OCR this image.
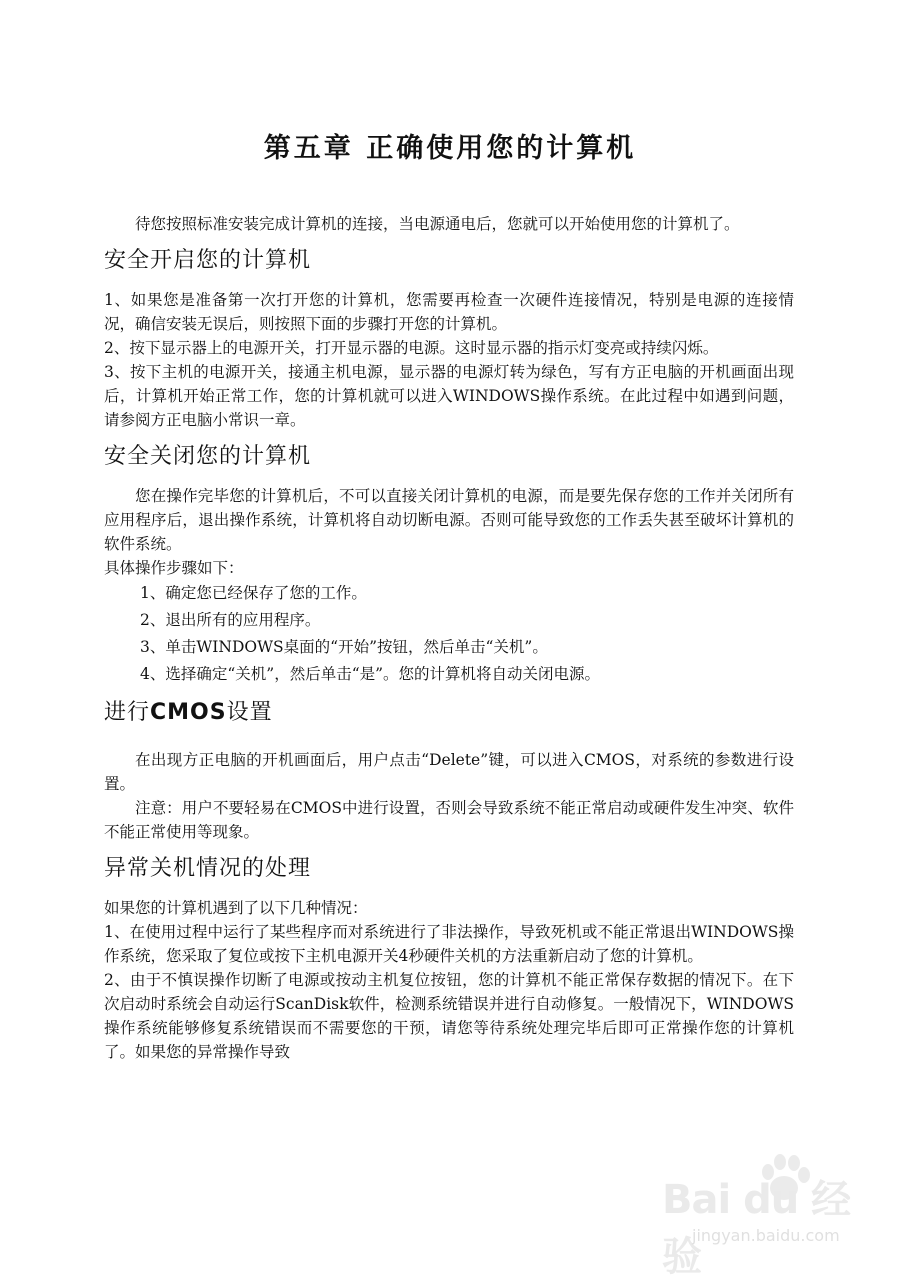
第五章 正确使用您的计算机

待您按照标准安装完成计算机的连接，当电源通电后，您就可以开始使用您的计算机了。

安全开启您的计算机

1、如果您是准备第一次打开您的计算机，您需要再检查一次硬件连接情况，特别是电源的连接情况，确信安装无误后，则按照下面的步骤打开您的计算机。

2、按下显示器上的电源开关，打开显示器的电源。这时显示器的指示灯变亮或持续闪烁。

3、按下主机的电源开关，接通主机电源，显示器的电源灯转为绿色，写有方正电脑的开机画面出现后，计算机开始正常工作，您的计算机就可以进入WINDOWS操作系统。在此过程中如遇到问题，请参阅方正电脑小常识一章。

安全关闭您的计算机

您在操作完毕您的计算机后，不可以直接关闭计算机的电源，而是要先保存您的工作并关闭所有应用程序后，退出操作系统，计算机将自动切断电源。否则可能导致您的工作丢失甚至破坏计算机的软件系统。

具体操作步骤如下：

1、确定您已经保存了您的工作。

2、退出所有的应用程序。

3、单击WINDOWS桌面的“开始”按钮，然后单击“关机”。

4、选择确定“关机”，然后单击“是”。您的计算机将自动关闭电源。

进行CMOS设置

在出现方正电脑的开机画面后，用户点击“Delete”键，可以进入CMOS，对系统的参数进行设置。

注意：用户不要轻易在CMOS中进行设置，否则会导致系统不能正常启动或硬件发生冲突、软件不能正常使用等现象。

异常关机情况的处理

如果您的计算机遇到了以下几种情况：

1、在使用过程中运行了某些程序而对系统进行了非法操作，导致死机或不能正常退出WINDOWS操作系统，您采取了复位或按下主机电源开关4秒硬件关机的方法重新启动了您的计算机。

2、由于不慎误操作切断了电源或按动主机复位按钮，您的计算机不能正常保存数据的情况下。在下次启动时系统会自动运行ScanDisk软件，检测系统错误并进行自动修复。一般情况下，WINDOWS操作系统能够修复系统错误而不需要您的干预，请您等待系统处理完毕后即可正常操作您的计算机了。如果您的异常操作导致

Bai du 经验
jingyan.baidu.com
